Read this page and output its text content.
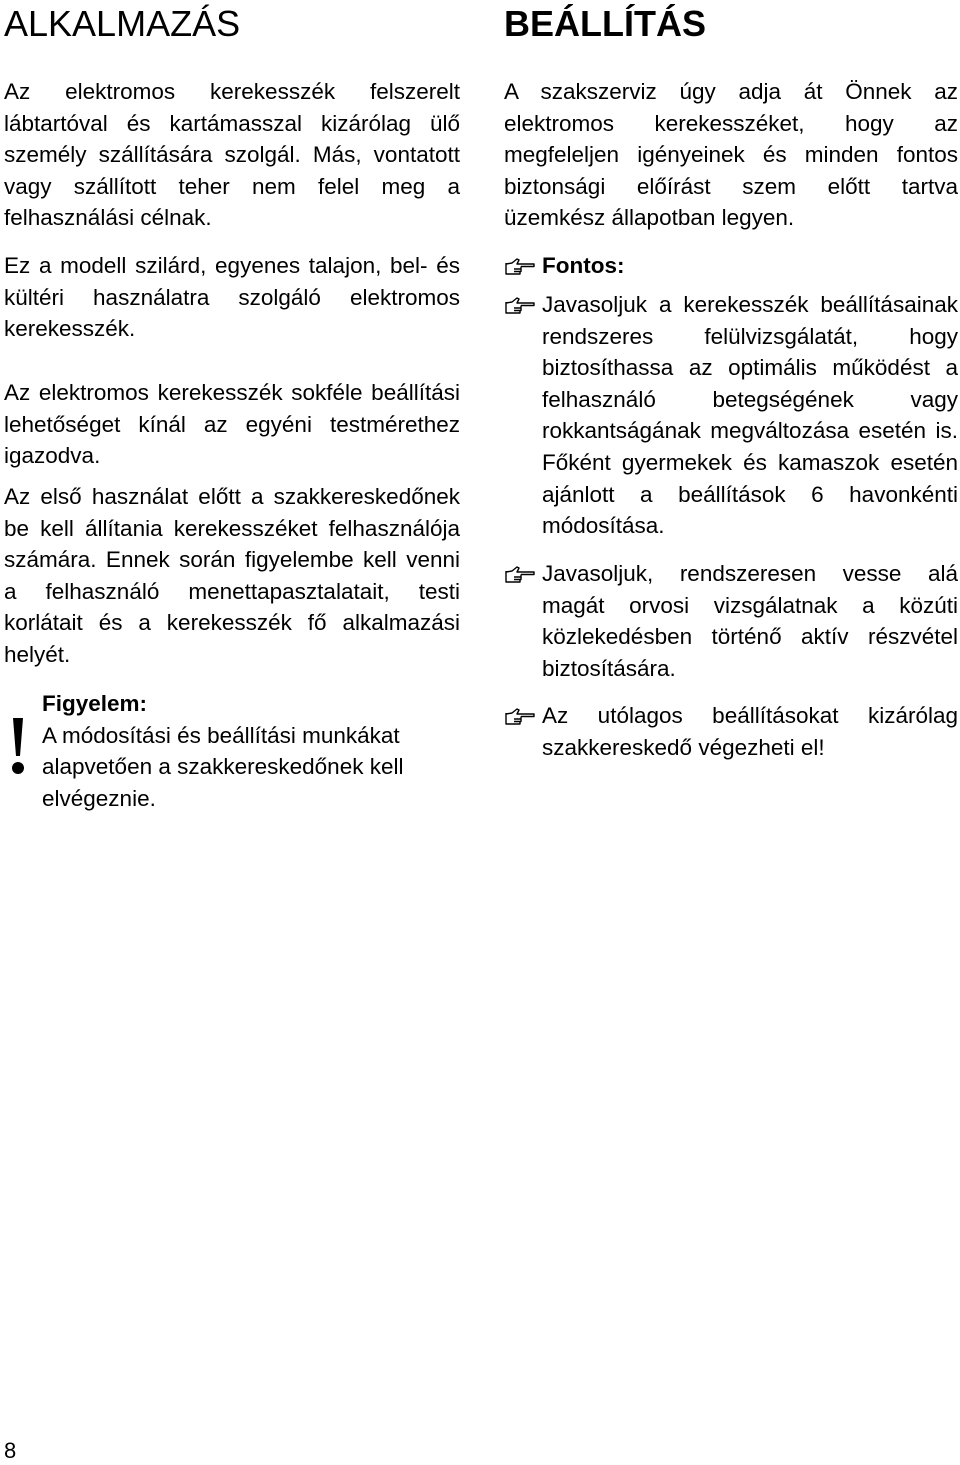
ALKALMAZÁS

Az elektromos kerekesszék felszerelt lábtartóval és kartámasszal kizárólag ülő személy szállítására szolgál. Más, vontatott vagy szállított teher nem felel meg a felhasználási célnak.

Ez a modell szilárd, egyenes talajon, bel- és kültéri használatra szolgáló elektromos kerekesszék.

Az elektromos kerekesszék sokféle beállítási lehetőséget kínál az egyéni testmérethez igazodva.

Az első használat előtt a szakkereskedőnek be kell állítania kerekesszéket felhasználója számára. Ennek során figyelembe kell venni a felhasználó menettapasztalatait, testi korlátait és a kerekesszék fő alkalmazási helyét.

Figyelem:
A módosítási és beállítási munkákat alapvetően a szakkereskedőnek kell elvégeznie.

BEÁLLÍTÁS

A szakszerviz úgy adja át Önnek az elektromos kerekesszéket, hogy az megfeleljen igényeinek és minden fontos biztonsági előírást szem előtt tartva üzemkész állapotban legyen.

Fontos:

Javasoljuk a kerekesszék beállításainak rendszeres felülvizsgálatát, hogy biztosíthassa az optimális működést a felhasználó betegségének vagy rokkantságának megváltozása esetén is. Főként gyermekek és kamaszok esetén ajánlott a beállítások 6 havonkénti módosítása.

Javasoljuk, rendszeresen vesse alá magát orvosi vizsgálatnak a közúti közlekedésben történő aktív részvétel biztosítására.

Az utólagos beállításokat kizárólag szakkereskedő végezheti el!

8
